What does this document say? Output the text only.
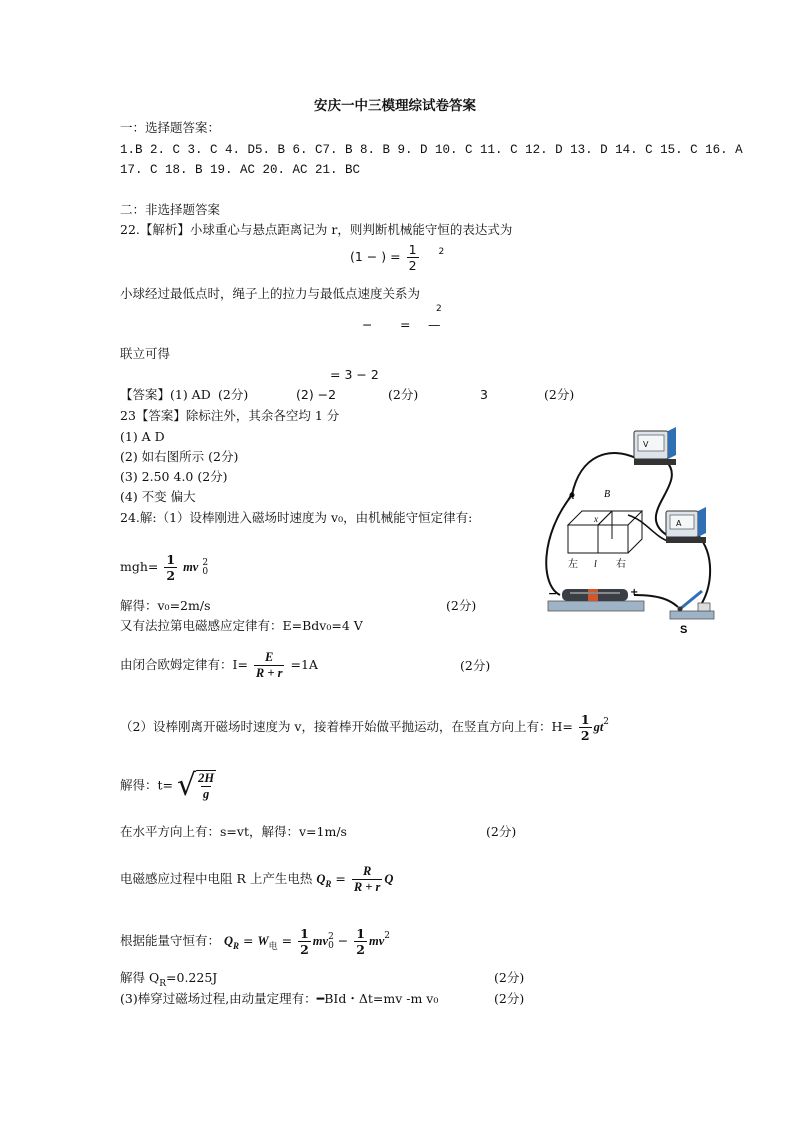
安庆一中三模理综试卷答案
一：选择题答案：
1.B 2. C 3. C 4. D5. B 6. C7. B 8. B 9. D 10. C 11. C 12. D 13. D 14. C 15. C 16. A
17. C 18. B 19. AC 20. AC 21. BC
二：非选择题答案
22.【解析】小球重心与悬点距离记为 r，则判断机械能守恒的表达式为
(1 − ) = $\frac{1}{2} ^2$
小球经过最低点时，绳子上的拉力与最低点速度关系为
2
− = —
联立可得
= 3 − 2
【答案】(1) AD (2分)	(2) −2	(2分)	3	(2分)
23【答案】除标注外，其余各空均 1 分
(1) A D
(2) 如右图所示 (2分)
(3) 2.50 4.0 (2分)
(4) 不变 偏大
24.解:（1）设棒刚进入磁场时速度为 v₀，由机械能守恒定律有:
$mgh= \frac{1}{2}$ mv 2
0
解得：v₀=2m/s	(2分)
又有法拉第电磁感应定律有：E=Bdv₀=4 V
由闭合欧姆定律有：$I= \frac{E}{R + r} =1A$	(2分)
（2）设棒刚离开磁场时速度为 v，接着棒开始做平抛运动，在竖直方向上有：$H= \frac{1}{2} gt^2$
解得：t= √ $\frac{2H}{g}$
在水平方向上有：s=vt，解得：v=1m/s	(2分)
电磁感应过程中电阻 R 上产生电热 $Q_R = \frac{R}{R + r}$ Q
根据能量守恒有： $Q_R = W_电 = \frac{1}{2}$ mv 2
$0 - \frac{1}{2} mv^2$
解得 $Q_R=0.225J$	(2分)
(3)棒穿过磁场过程,由动量定理有：━BId・Δt=mv -m v₀	(2分)
V
A
A	B
x
左 l 右
−	+
S
